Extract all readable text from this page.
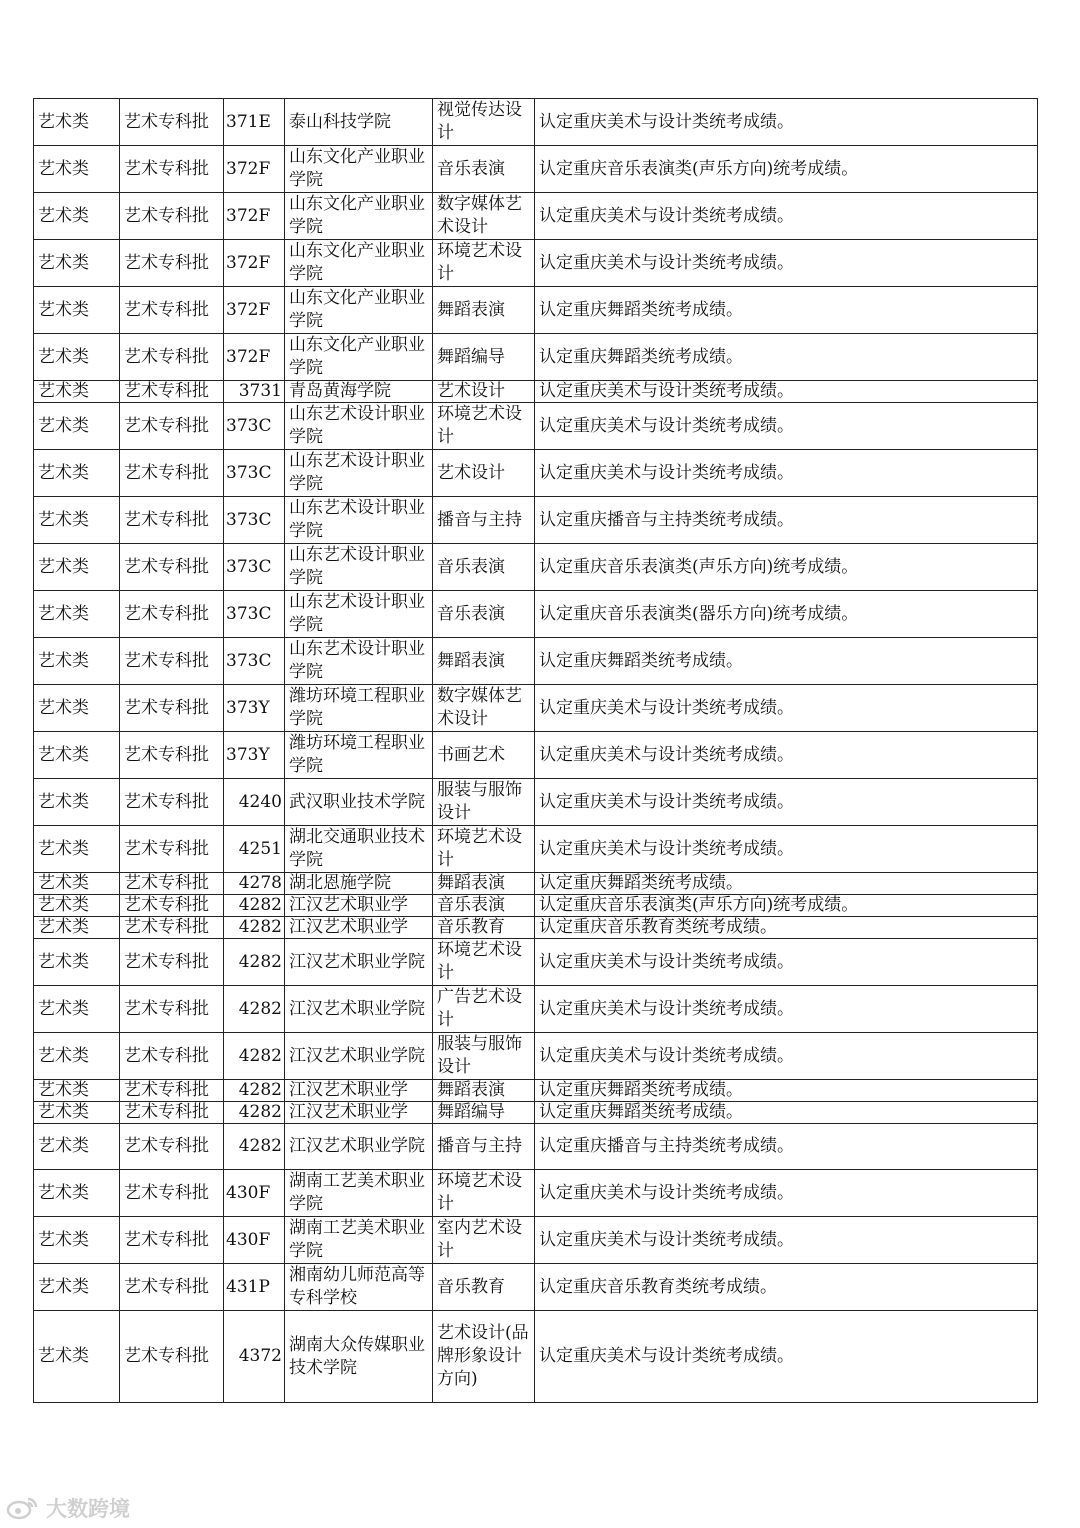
艺术类	艺术专科批	371E	泰山科技学院	视觉传达设计	认定重庆美术与设计类统考成绩。
艺术类	艺术专科批	372F	山东文化产业职业学院	音乐表演	认定重庆音乐表演类(声乐方向)统考成绩。
艺术类	艺术专科批	372F	山东文化产业职业学院	数字媒体艺术设计	认定重庆美术与设计类统考成绩。
艺术类	艺术专科批	372F	山东文化产业职业学院	环境艺术设计	认定重庆美术与设计类统考成绩。
艺术类	艺术专科批	372F	山东文化产业职业学院	舞蹈表演	认定重庆舞蹈类统考成绩。
艺术类	艺术专科批	372F	山东文化产业职业学院	舞蹈编导	认定重庆舞蹈类统考成绩。
艺术类	艺术专科批	3731	青岛黄海学院	艺术设计	认定重庆美术与设计类统考成绩。
艺术类	艺术专科批	373C	山东艺术设计职业学院	环境艺术设计	认定重庆美术与设计类统考成绩。
艺术类	艺术专科批	373C	山东艺术设计职业学院	艺术设计	认定重庆美术与设计类统考成绩。
艺术类	艺术专科批	373C	山东艺术设计职业学院	播音与主持	认定重庆播音与主持类统考成绩。
艺术类	艺术专科批	373C	山东艺术设计职业学院	音乐表演	认定重庆音乐表演类(声乐方向)统考成绩。
艺术类	艺术专科批	373C	山东艺术设计职业学院	音乐表演	认定重庆音乐表演类(器乐方向)统考成绩。
艺术类	艺术专科批	373C	山东艺术设计职业学院	舞蹈表演	认定重庆舞蹈类统考成绩。
艺术类	艺术专科批	373Y	潍坊环境工程职业学院	数字媒体艺术设计	认定重庆美术与设计类统考成绩。
艺术类	艺术专科批	373Y	潍坊环境工程职业学院	书画艺术	认定重庆美术与设计类统考成绩。
艺术类	艺术专科批	4240	武汉职业技术学院	服装与服饰设计	认定重庆美术与设计类统考成绩。
艺术类	艺术专科批	4251	湖北交通职业技术学院	环境艺术设计	认定重庆美术与设计类统考成绩。
艺术类	艺术专科批	4278	湖北恩施学院	舞蹈表演	认定重庆舞蹈类统考成绩。
艺术类	艺术专科批	4282	江汉艺术职业学	音乐表演	认定重庆音乐表演类(声乐方向)统考成绩。
艺术类	艺术专科批	4282	江汉艺术职业学	音乐教育	认定重庆音乐教育类统考成绩。
艺术类	艺术专科批	4282	江汉艺术职业学院	环境艺术设计	认定重庆美术与设计类统考成绩。
艺术类	艺术专科批	4282	江汉艺术职业学院	广告艺术设计	认定重庆美术与设计类统考成绩。
艺术类	艺术专科批	4282	江汉艺术职业学院	服装与服饰设计	认定重庆美术与设计类统考成绩。
艺术类	艺术专科批	4282	江汉艺术职业学	舞蹈表演	认定重庆舞蹈类统考成绩。
艺术类	艺术专科批	4282	江汉艺术职业学	舞蹈编导	认定重庆舞蹈类统考成绩。
艺术类	艺术专科批	4282	江汉艺术职业学院	播音与主持	认定重庆播音与主持类统考成绩。
艺术类	艺术专科批	430F	湖南工艺美术职业学院	环境艺术设计	认定重庆美术与设计类统考成绩。
艺术类	艺术专科批	430F	湖南工艺美术职业学院	室内艺术设计	认定重庆美术与设计类统考成绩。
艺术类	艺术专科批	431P	湘南幼儿师范高等专科学校	音乐教育	认定重庆音乐教育类统考成绩。
艺术类	艺术专科批	4372	湖南大众传媒职业技术学院	艺术设计(品牌形象设计方向)	认定重庆美术与设计类统考成绩。
大数跨境
